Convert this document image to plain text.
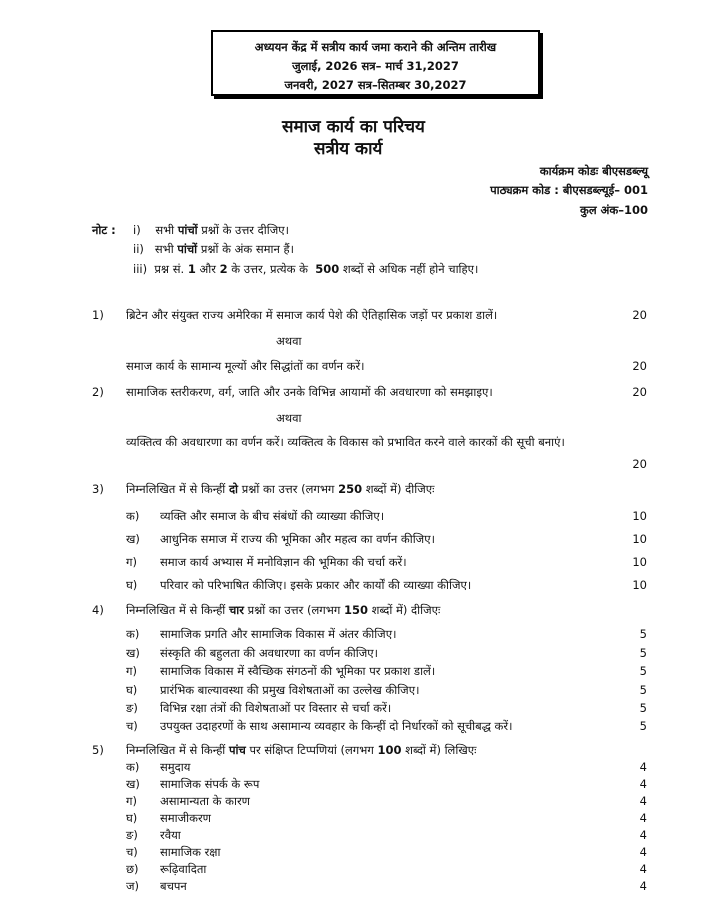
अध्ययन केंद्र में सत्रीय कार्य जमा कराने की अन्तिम तारीख
जुलाई, 2026 सत्र– मार्च 31,2027
जनवरी, 2027 सत्र–सितम्बर 30,2027
समाज कार्य का परिचय
सत्रीय कार्य
कार्यक्रम कोडः बीएसडब्ल्यू
पाठ्यक्रम कोड : बीएसडब्ल्यूई– 001
कुल अंक–100
नोट : i) सभी पांचों प्रश्नों के उत्तर दीजिए।
ii) सभी पांचों प्रश्नों के अंक समान हैं।
iii) प्रश्न सं. 1 और 2 के उत्तर, प्रत्येक के 500 शब्दों से अधिक नहीं होने चाहिए।
1) ब्रिटेन और संयुक्त राज्य अमेरिका में समाज कार्य पेशे की ऐतिहासिक जड़ों पर प्रकाश डालें।	20
अथवा
समाज कार्य के सामान्य मूल्यों और सिद्धांतों का वर्णन करें।	20
2) सामाजिक स्तरीकरण, वर्ग, जाति और उनके विभिन्न आयामों की अवधारणा को समझाइए।	20
अथवा
व्यक्तित्व की अवधारणा का वर्णन करें। व्यक्तित्व के विकास को प्रभावित करने वाले कारकों की सूची बनाएं।
20
3) निम्नलिखित में से किन्हीं दो प्रश्नों का उत्तर (लगभग 250 शब्दों में) दीजिएः
क) व्यक्ति और समाज के बीच संबंधों की व्याख्या कीजिए।	10
ख) आधुनिक समाज में राज्य की भूमिका और महत्व का वर्णन कीजिए।	10
ग) समाज कार्य अभ्यास में मनोविज्ञान की भूमिका की चर्चा करें।	10
घ) परिवार को परिभाषित कीजिए। इसके प्रकार और कार्यों की व्याख्या कीजिए।	10
4) निम्नलिखित में से किन्हीं चार प्रश्नों का उत्तर (लगभग 150 शब्दों में) दीजिएः
क) सामाजिक प्रगति और सामाजिक विकास में अंतर कीजिए।	5
ख) संस्कृति की बहुलता की अवधारणा का वर्णन कीजिए।	5
ग) सामाजिक विकास में स्वैच्छिक संगठनों की भूमिका पर प्रकाश डालें।	5
घ) प्रारंभिक बाल्यावस्था की प्रमुख विशेषताओं का उल्लेख कीजिए।	5
ङ) विभिन्न रक्षा तंत्रों की विशेषताओं पर विस्तार से चर्चा करें।	5
च) उपयुक्त उदाहरणों के साथ असामान्य व्यवहार के किन्हीं दो निर्धारकों को सूचीबद्ध करें।	5
5) निम्नलिखित में से किन्हीं पांच पर संक्षिप्त टिप्पणियां (लगभग 100 शब्दों में) लिखिएः
क) समुदाय	4
ख) सामाजिक संपर्क के रूप	4
ग) असामान्यता के कारण	4
घ) समाजीकरण	4
ङ) रवैया	4
च) सामाजिक रक्षा	4
छ) रूढ़िवादिता	4
ज) बचपन	4
